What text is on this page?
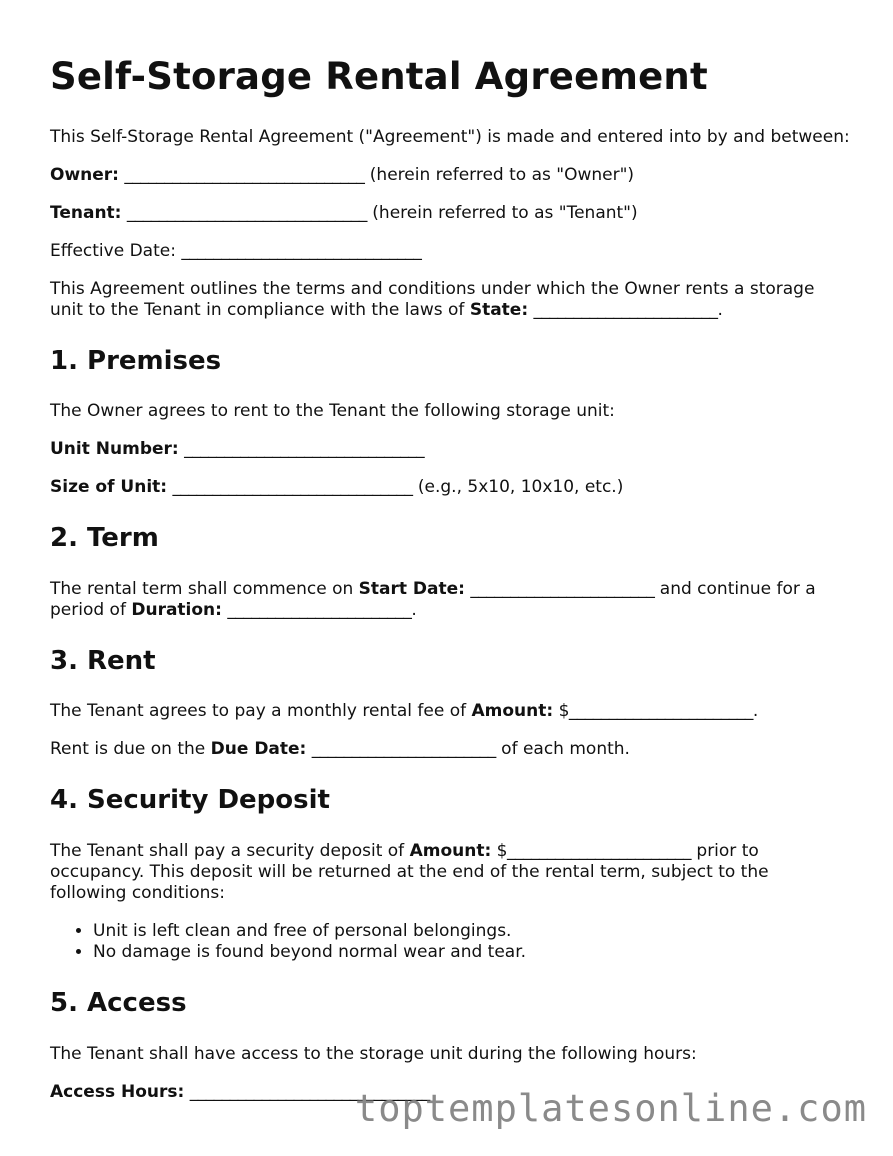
Self-Storage Rental Agreement

This Self-Storage Rental Agreement ("Agreement") is made and entered into by and between:

Owner: ______________________________ (herein referred to as "Owner")

Tenant: ______________________________ (herein referred to as "Tenant")

Effective Date: ______________________________

This Agreement outlines the terms and conditions under which the Owner rents a storage unit to the Tenant in compliance with the laws of State: _______________________.

1. Premises

The Owner agrees to rent to the Tenant the following storage unit:

Unit Number: ______________________________

Size of Unit: ______________________________ (e.g., 5x10, 10x10, etc.)

2. Term

The rental term shall commence on Start Date: _______________________ and continue for a period of Duration: _______________________.

3. Rent

The Tenant agrees to pay a monthly rental fee of Amount: $_______________________.

Rent is due on the Due Date: _______________________ of each month.

4. Security Deposit

The Tenant shall pay a security deposit of Amount: $_______________________ prior to occupancy. This deposit will be returned at the end of the rental term, subject to the following conditions:

• Unit is left clean and free of personal belongings.
• No damage is found beyond normal wear and tear.
5. Access

The Tenant shall have access to the storage unit during the following hours:

Access Hours: ______________________________

toptemplatesonline.com
